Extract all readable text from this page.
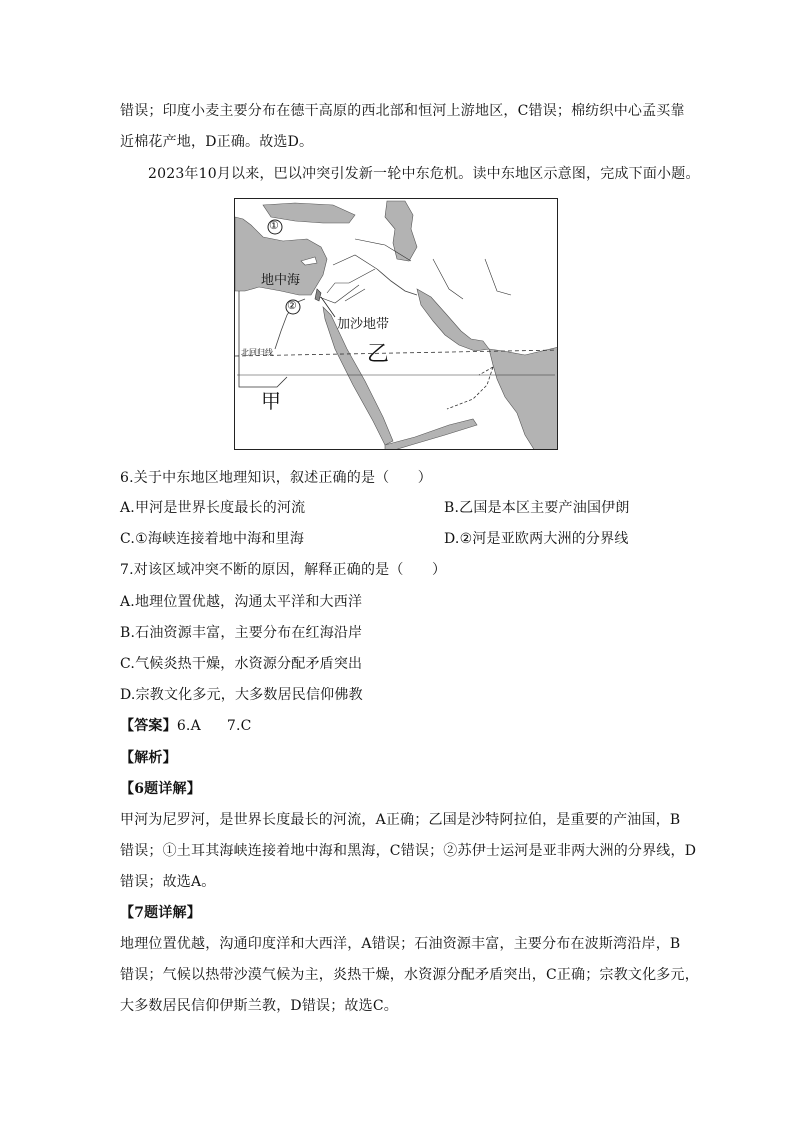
错误；印度小麦主要分布在德干高原的西北部和恒河上游地区，C错误；棉纺织中心孟买靠
近棉花产地，D正确。故选D。
2023年10月以来，巴以冲突引发新一轮中东危机。读中东地区示意图，完成下面小题。
①
②
地中海
加沙地带
乙
北回归线
甲
6.关于中东地区地理知识，叙述正确的是（　　）
A.甲河是世界长度最长的河流	B.乙国是本区主要产油国伊朗
C.①海峡连接着地中海和里海	D.②河是亚欧两大洲的分界线
7.对该区域冲突不断的原因，解释正确的是（　　）
A.地理位置优越，沟通太平洋和大西洋
B.石油资源丰富，主要分布在红海沿岸
C.气候炎热干燥，水资源分配矛盾突出
D.宗教文化多元，大多数居民信仰佛教
【答案】6.A 7.C
【解析】
【6题详解】
甲河为尼罗河，是世界长度最长的河流，A正确；乙国是沙特阿拉伯，是重要的产油国，B
错误；①土耳其海峡连接着地中海和黑海，C错误；②苏伊士运河是亚非两大洲的分界线，D
错误；故选A。
【7题详解】
地理位置优越，沟通印度洋和大西洋，A错误；石油资源丰富，主要分布在波斯湾沿岸，B
错误；气候以热带沙漠气候为主，炎热干燥，水资源分配矛盾突出，C正确；宗教文化多元，
大多数居民信仰伊斯兰教，D错误；故选C。
